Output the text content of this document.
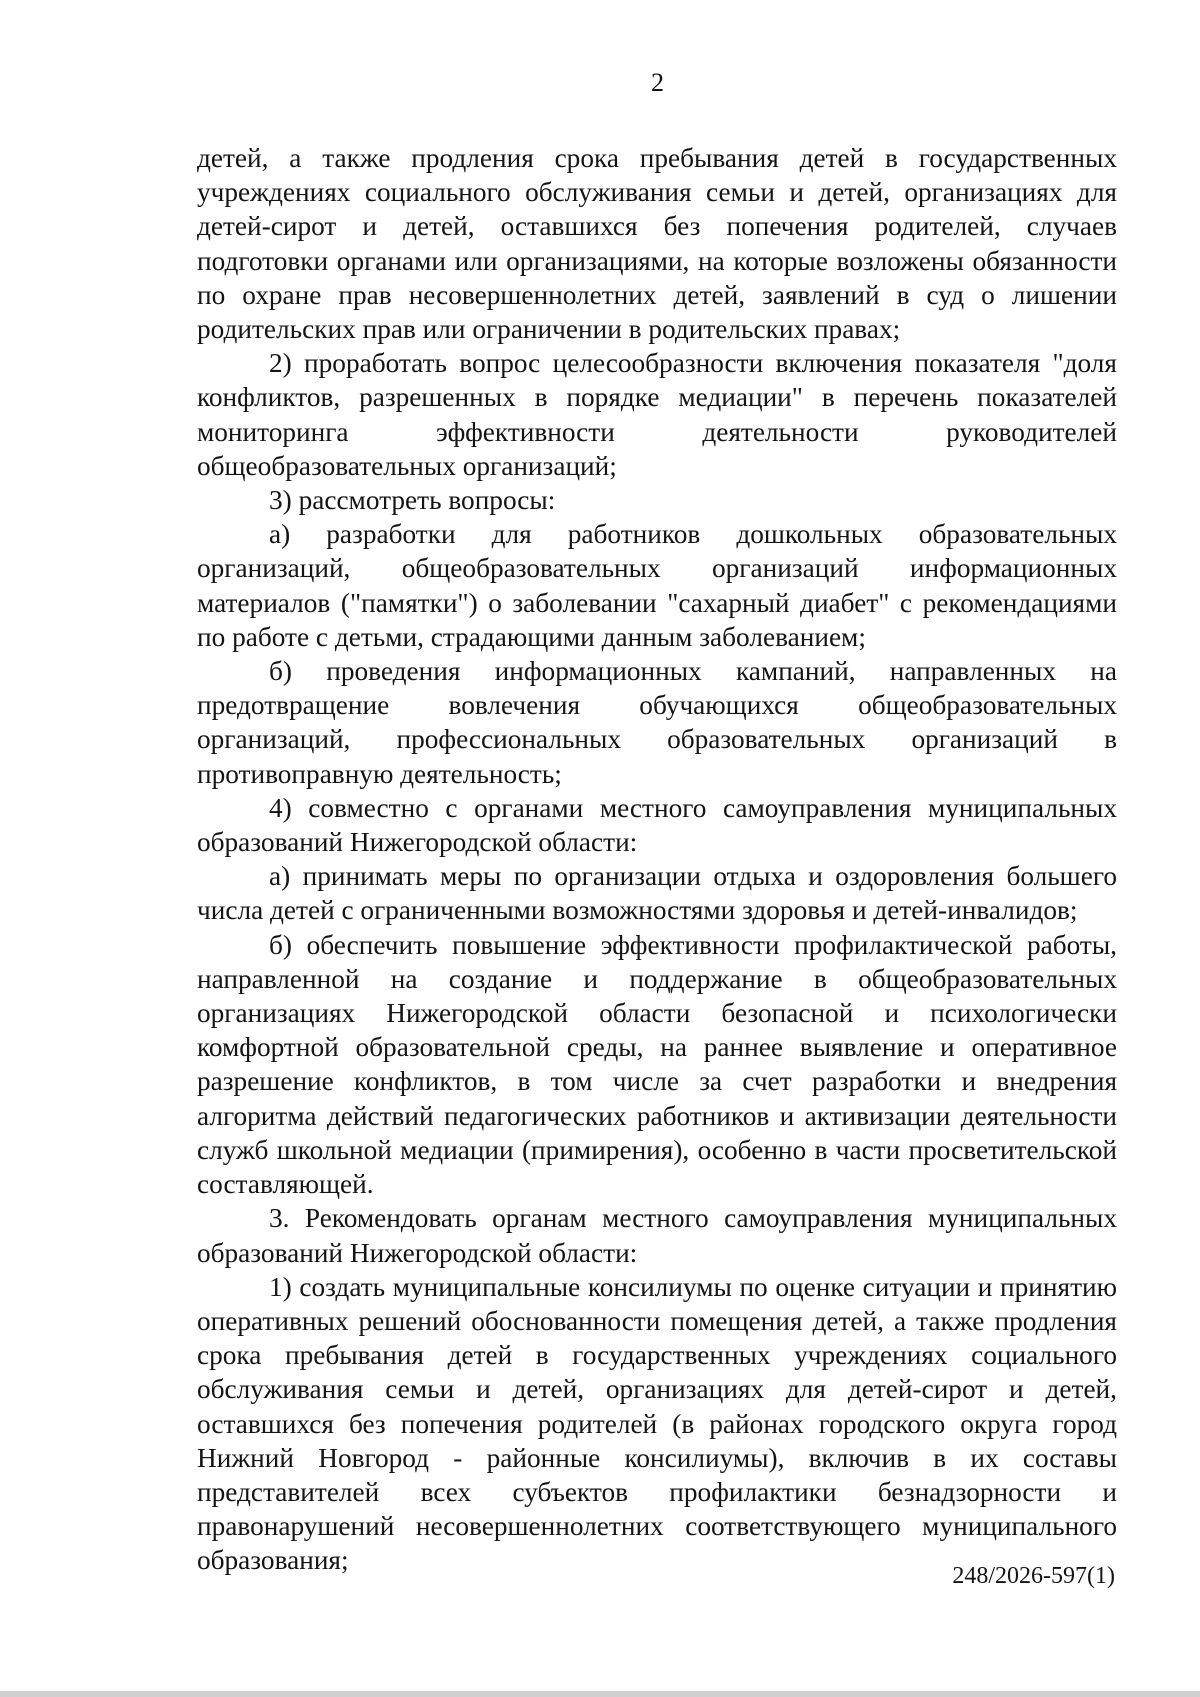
2

детей, а также продления срока пребывания детей в государственных учреждениях социального обслуживания семьи и детей, организациях для детей-сирот и детей, оставшихся без попечения родителей, случаев подготовки органами или организациями, на которые возложены обязанности по охране прав несовершеннолетних детей, заявлений в суд о лишении родительских прав или ограничении в родительских правах;

2) проработать вопрос целесообразности включения показателя "доля конфликтов, разрешенных в порядке медиации" в перечень показателей мониторинга эффективности деятельности руководителей общеобразовательных организаций;

3) рассмотреть вопросы:

а) разработки для работников дошкольных образовательных организаций, общеобразовательных организаций информационных материалов ("памятки") о заболевании "сахарный диабет" с рекомендациями по работе с детьми, страдающими данным заболеванием;

б) проведения информационных кампаний, направленных на предотвращение вовлечения обучающихся общеобразовательных организаций, профессиональных образовательных организаций в противоправную деятельность;

4) совместно с органами местного самоуправления муниципальных образований Нижегородской области:

а) принимать меры по организации отдыха и оздоровления большего числа детей с ограниченными возможностями здоровья и детей-инвалидов;

б) обеспечить повышение эффективности профилактической работы, направленной на создание и поддержание в общеобразовательных организациях Нижегородской области безопасной и психологически комфортной образовательной среды, на раннее выявление и оперативное разрешение конфликтов, в том числе за счет разработки и внедрения алгоритма действий педагогических работников и активизации деятельности служб школьной медиации (примирения), особенно в части просветительской составляющей.

3. Рекомендовать органам местного самоуправления муниципальных образований Нижегородской области:

1) создать муниципальные консилиумы по оценке ситуации и принятию оперативных решений обоснованности помещения детей, а также продления срока пребывания детей в государственных учреждениях социального обслуживания семьи и детей, организациях для детей-сирот и детей, оставшихся без попечения родителей (в районах городского округа город Нижний Новгород - районные консилиумы), включив в их составы представителей всех субъектов профилактики безнадзорности и правонарушений несовершеннолетних соответствующего муниципального образования;

248/2026-597(1)
